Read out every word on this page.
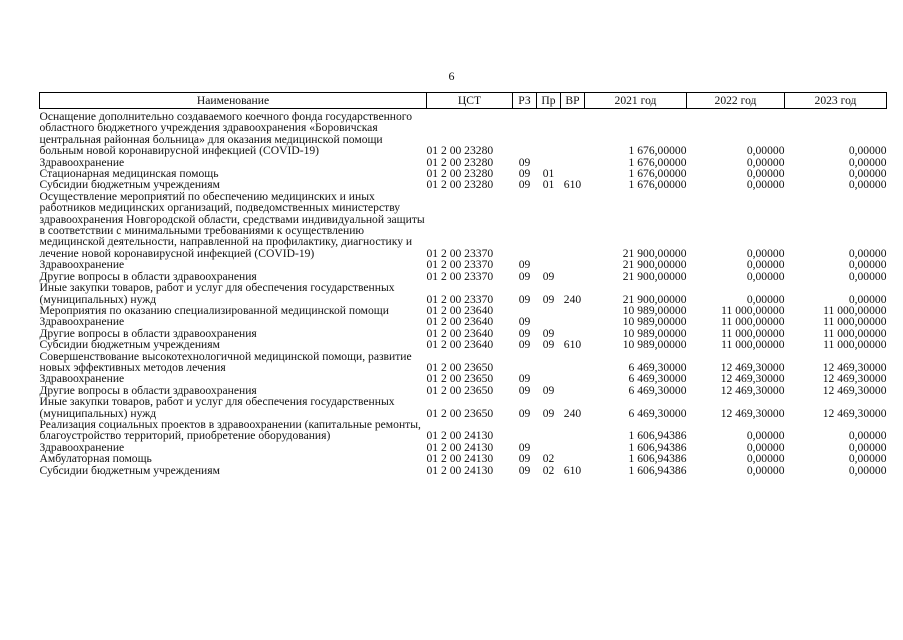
6
Наименование	ЦСТ	РЗ	Пр	ВР	2021 год	2022 год	2023 год
Оснащение дополнительно создаваемого коечного фонда государственного областного бюджетного учреждения здравоохранения «Боровичская центральная районная больница» для оказания медицинской помощи больным новой коронавирусной инфекцией (COVID-19)	01 2 00 23280				1 676,00000	0,00000	0,00000
Здравоохранение	01 2 00 23280	09			1 676,00000	0,00000	0,00000
Стационарная медицинская помощь	01 2 00 23280	09	01		1 676,00000	0,00000	0,00000
Субсидии бюджетным учреждениям	01 2 00 23280	09	01	610	1 676,00000	0,00000	0,00000
Осуществление мероприятий по обеспечению медицинских и иных работников медицинских организаций, подведомственных министерству здравоохранения Новгородской области, средствами индивидуальной защиты в соответствии с минимальными требованиями к осуществлению медицинской деятельности, направленной на профилактику, диагностику и лечение новой коронавирусной инфекцией (COVID-19)	01 2 00 23370				21 900,00000	0,00000	0,00000
Здравоохранение	01 2 00 23370	09			21 900,00000	0,00000	0,00000
Другие вопросы в области здравоохранения	01 2 00 23370	09	09		21 900,00000	0,00000	0,00000
Иные закупки товаров, работ и услуг для обеспечения государственных (муниципальных) нужд	01 2 00 23370	09	09	240	21 900,00000	0,00000	0,00000
Мероприятия по оказанию специализированной медицинской помощи	01 2 00 23640				10 989,00000	11 000,00000	11 000,00000
Здравоохранение	01 2 00 23640	09			10 989,00000	11 000,00000	11 000,00000
Другие вопросы в области здравоохранения	01 2 00 23640	09	09		10 989,00000	11 000,00000	11 000,00000
Субсидии бюджетным учреждениям	01 2 00 23640	09	09	610	10 989,00000	11 000,00000	11 000,00000
Совершенствование высокотехнологичной медицинской помощи, развитие новых эффективных методов лечения	01 2 00 23650				6 469,30000	12 469,30000	12 469,30000
Здравоохранение	01 2 00 23650	09			6 469,30000	12 469,30000	12 469,30000
Другие вопросы в области здравоохранения	01 2 00 23650	09	09		6 469,30000	12 469,30000	12 469,30000
Иные закупки товаров, работ и услуг для обеспечения государственных (муниципальных) нужд	01 2 00 23650	09	09	240	6 469,30000	12 469,30000	12 469,30000
Реализация социальных проектов в здравоохранении (капитальные ремонты, благоустройство территорий, приобретение оборудования)	01 2 00 24130				1 606,94386	0,00000	0,00000
Здравоохранение	01 2 00 24130	09			1 606,94386	0,00000	0,00000
Амбулаторная помощь	01 2 00 24130	09	02		1 606,94386	0,00000	0,00000
Субсидии бюджетным учреждениям	01 2 00 24130	09	02	610	1 606,94386	0,00000	0,00000
